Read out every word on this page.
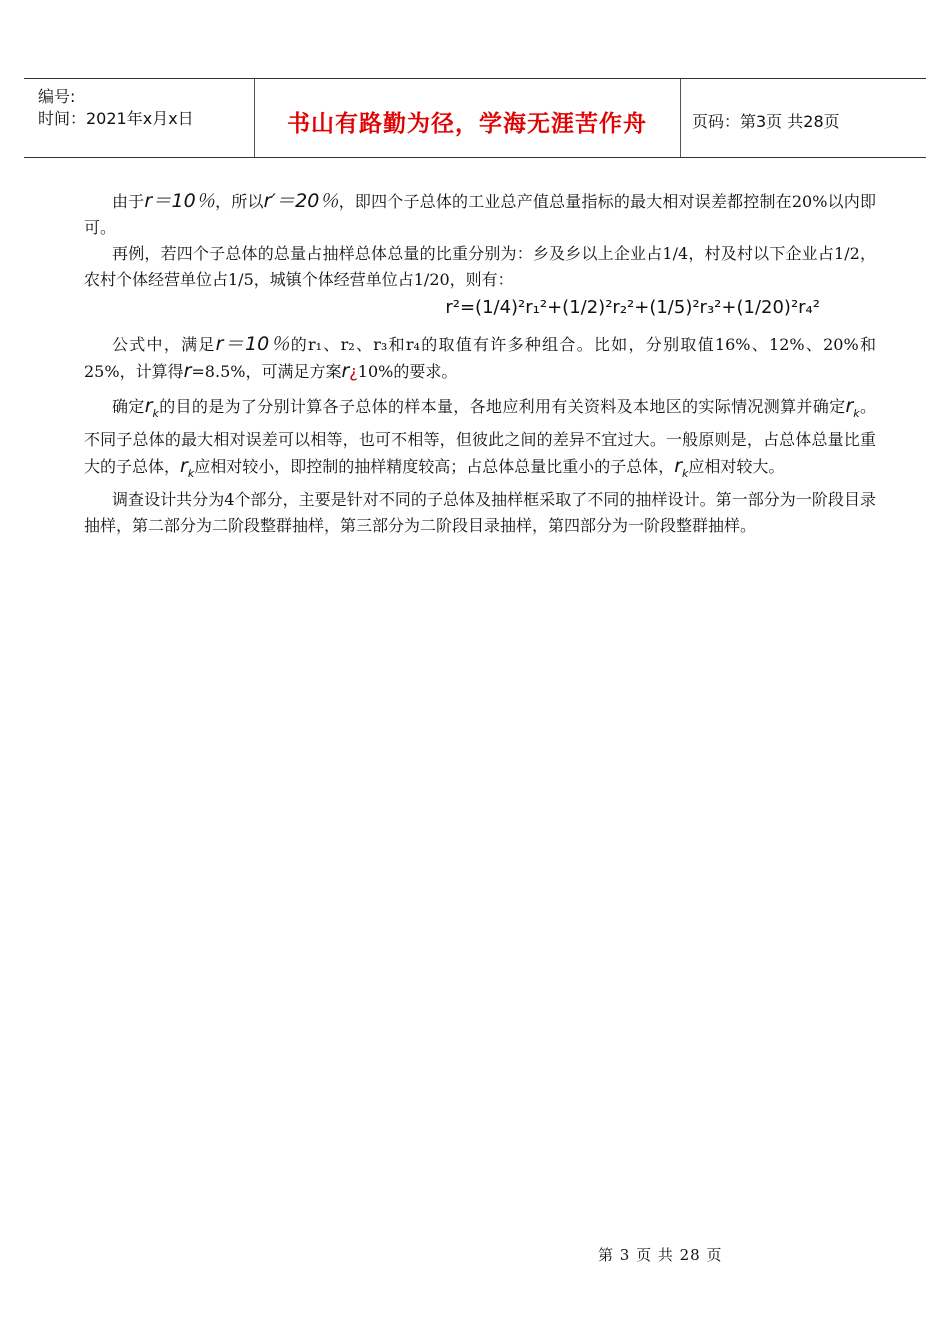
编号:
时间：2021年x月x日	书山有路勤为径，学海无涯苦作舟	页码：第3页 共28页

由于r＝10％，所以r′＝20％，即四个子总体的工业总产值总量指标的最大相对误差都控制在20%以内即可。

再例，若四个子总体的总量占抽样总体总量的比重分别为：乡及乡以上企业占1/4，村及村以下企业占1/2，农村个体经营单位占1/5，城镇个体经营单位占1/20，则有：

r²=(1/4)²r₁²+(1/2)²r₂²+(1/5)²r₃²+(1/20)²r₄²

公式中，满足r＝10％的r₁、r₂、r₃和r₄的取值有许多种组合。比如，分别取值16%、12%、20%和25%，计算得r=8.5%，可满足方案r¿10%的要求。

确定$r_k$的目的是为了分别计算各子总体的样本量，各地应利用有关资料及本地区的实际情况测算并确定$r_k$。不同子总体的最大相对误差可以相等，也可不相等，但彼此之间的差异不宜过大。一般原则是，占总体总量比重大的子总体，$r_k$应相对较小，即控制的抽样精度较高；占总体总量比重小的子总体，$r_k$应相对较大。

调查设计共分为4个部分，主要是针对不同的子总体及抽样框采取了不同的抽样设计。第一部分为一阶段目录抽样，第二部分为二阶段整群抽样，第三部分为二阶段目录抽样，第四部分为一阶段整群抽样。

第 3 页 共 28 页
